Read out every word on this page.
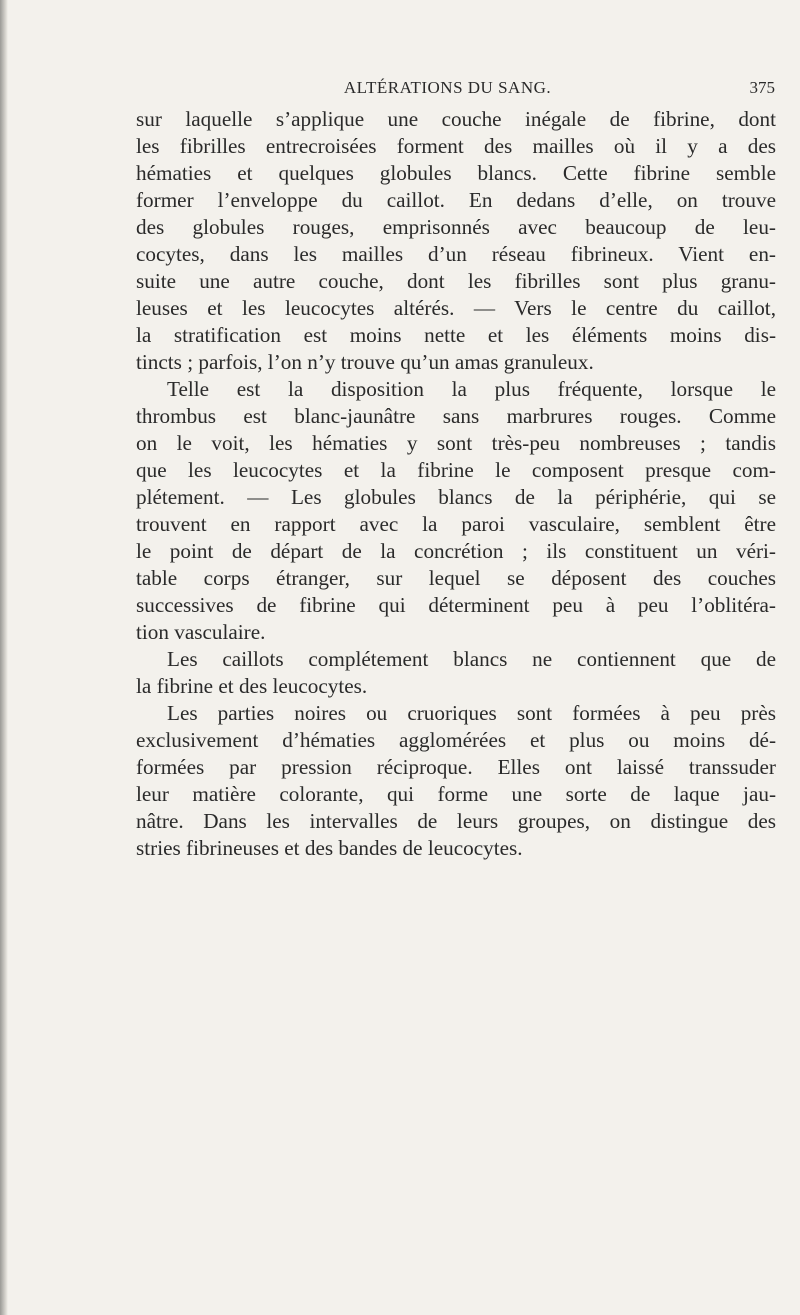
ALTÉRATIONS DU SANG.	375
sur laquelle s’applique une couche inégale de fibrine, dont
les fibrilles entrecroisées forment des mailles où il y a des
hématies et quelques globules blancs. Cette fibrine semble
former l’enveloppe du caillot. En dedans d’elle, on trouve
des globules rouges, emprisonnés avec beaucoup de leu-
cocytes, dans les mailles d’un réseau fibrineux. Vient en-
suite une autre couche, dont les fibrilles sont plus granu-
leuses et les leucocytes altérés. — Vers le centre du caillot,
la stratification est moins nette et les éléments moins dis-
tincts ; parfois, l’on n’y trouve qu’un amas granuleux.
Telle est la disposition la plus fréquente, lorsque le
thrombus est blanc-jaunâtre sans marbrures rouges. Comme
on le voit, les hématies y sont très-peu nombreuses ; tandis
que les leucocytes et la fibrine le composent presque com-
plétement. — Les globules blancs de la périphérie, qui se
trouvent en rapport avec la paroi vasculaire, semblent être
le point de départ de la concrétion ; ils constituent un véri-
table corps étranger, sur lequel se déposent des couches
successives de fibrine qui déterminent peu à peu l’oblitéra-
tion vasculaire.
Les caillots complétement blancs ne contiennent que de
la fibrine et des leucocytes.
Les parties noires ou cruoriques sont formées à peu près
exclusivement d’hématies agglomérées et plus ou moins dé-
formées par pression réciproque. Elles ont laissé transsuder
leur matière colorante, qui forme une sorte de laque jau-
nâtre. Dans les intervalles de leurs groupes, on distingue des
stries fibrineuses et des bandes de leucocytes.
